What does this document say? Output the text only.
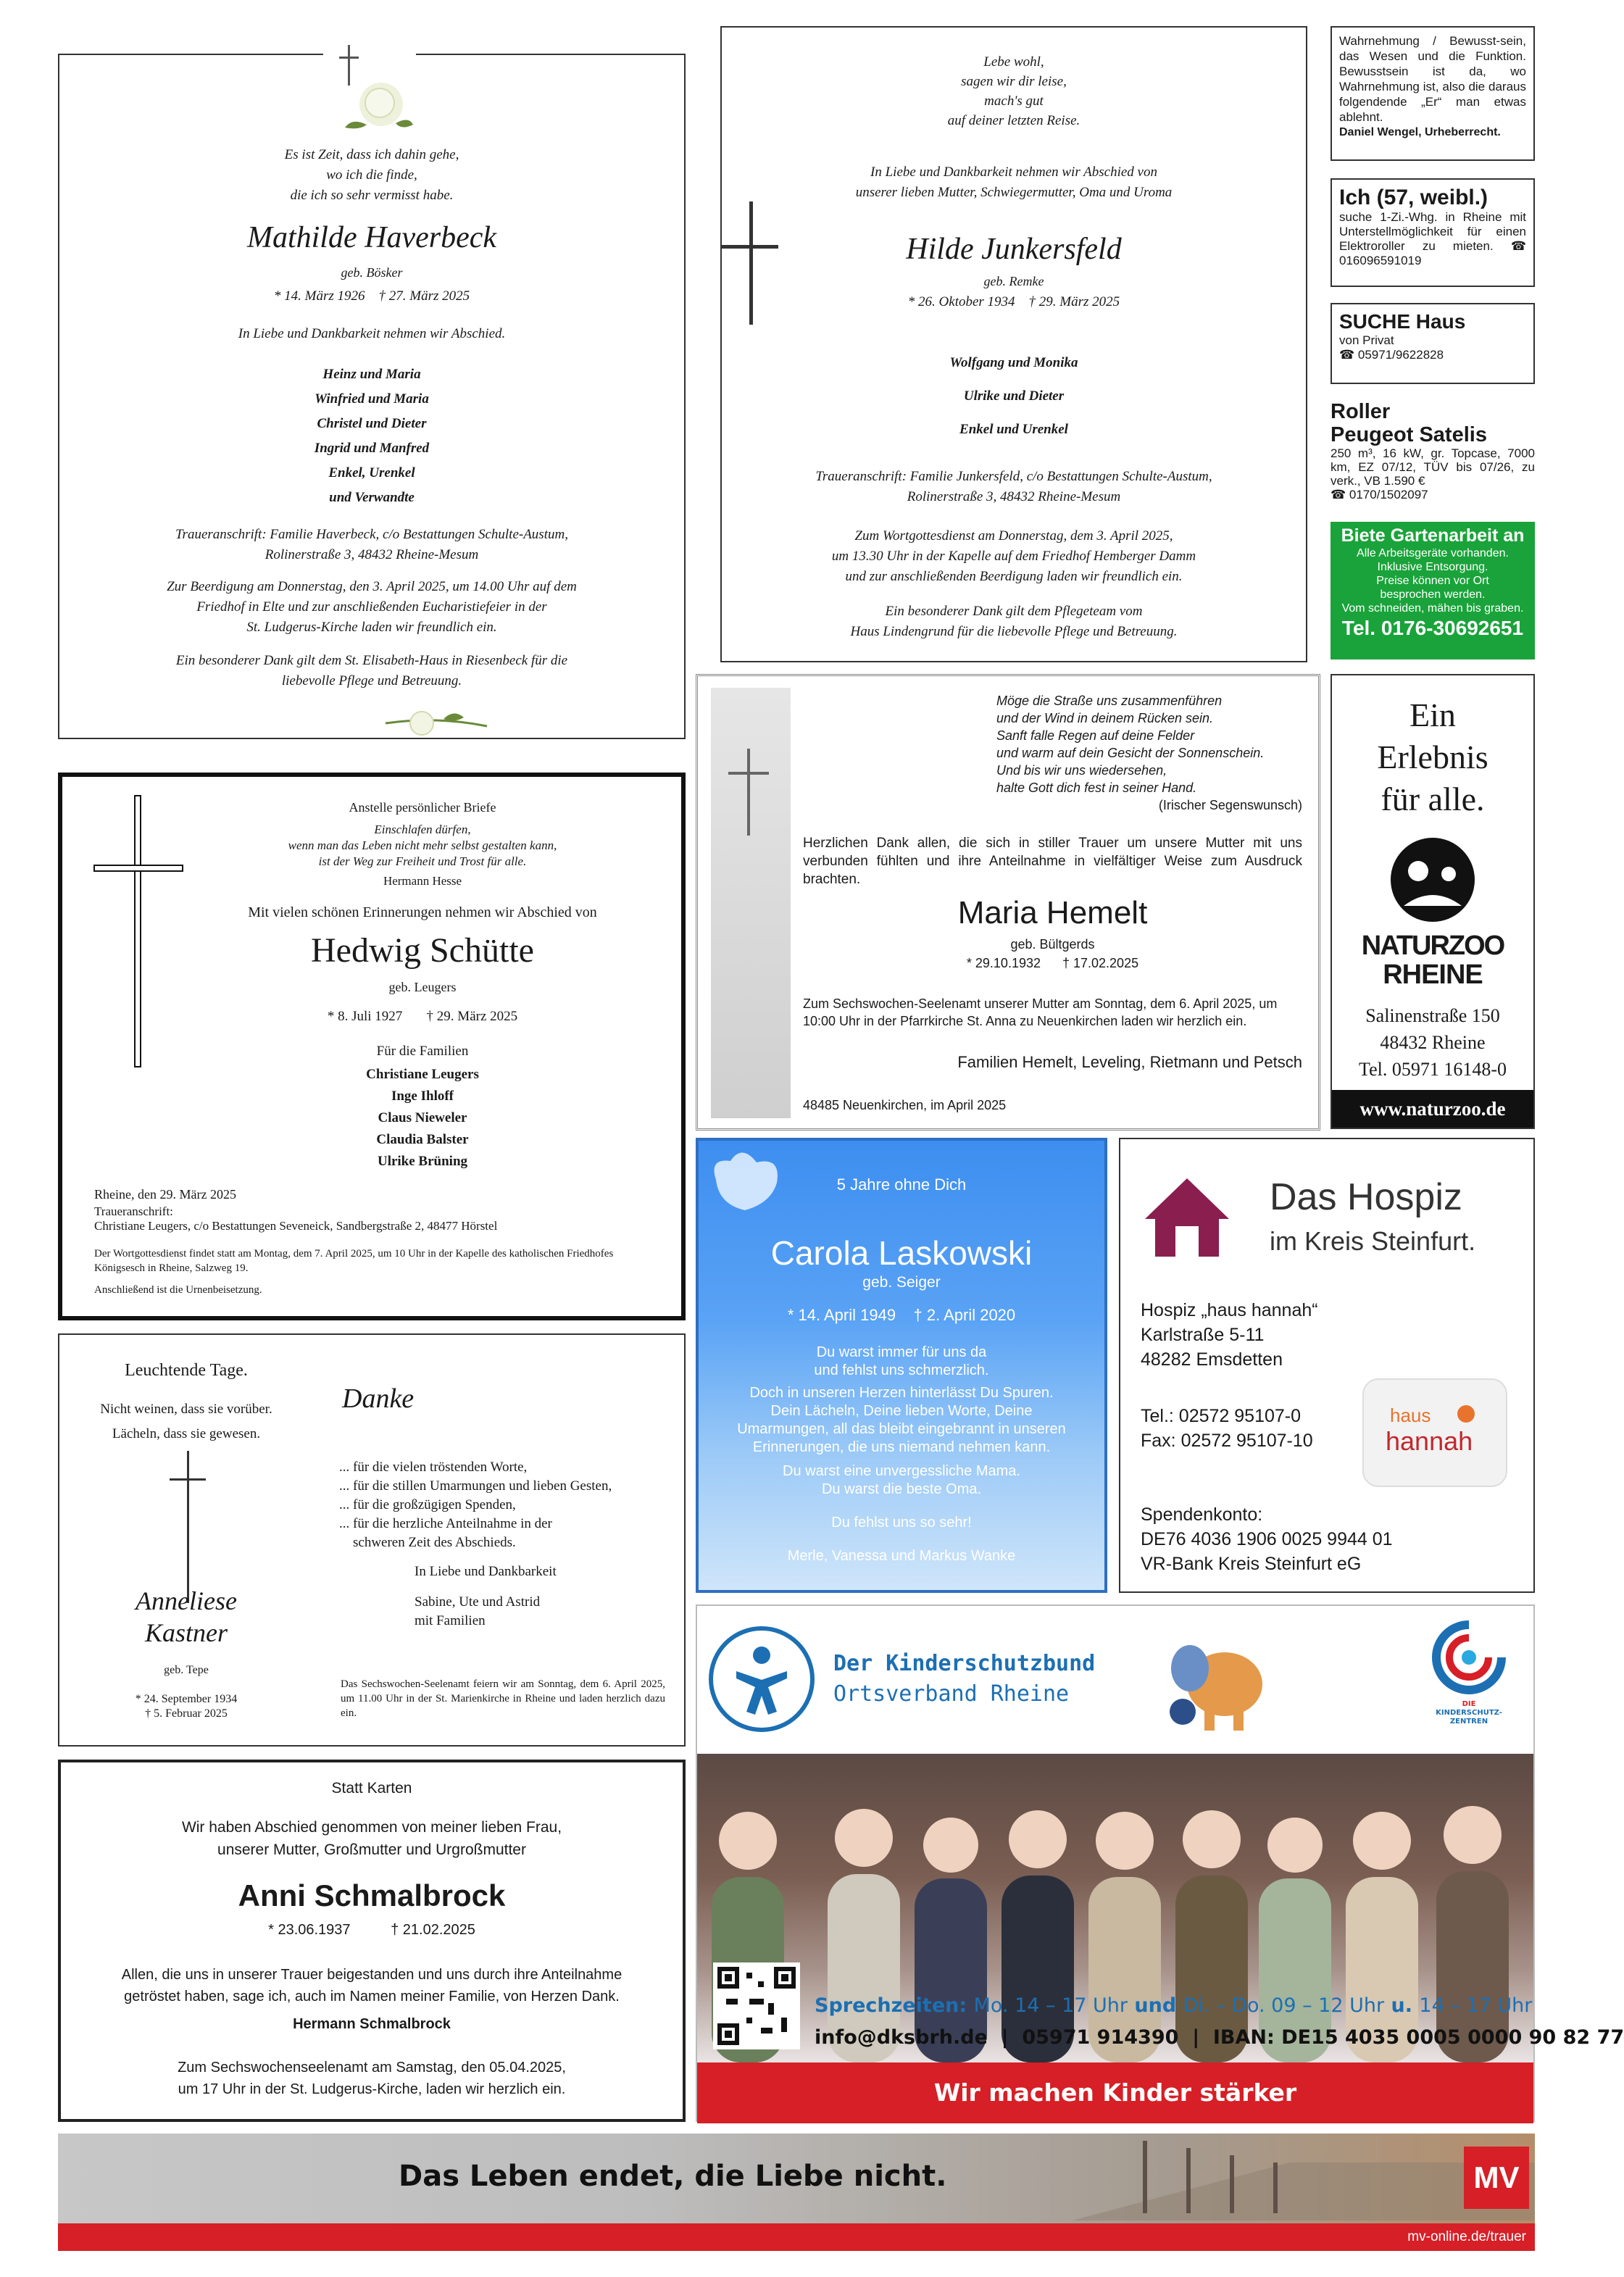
Es ist Zeit, dass ich dahin gehe,
wo ich die finde,
die ich so sehr vermisst habe.
Mathilde Haverbeck
geb. Bösker
* 14. März 1926    † 27. März 2025
In Liebe und Dankbarkeit nehmen wir Abschied.
Heinz und Maria
Winfried und Maria
Christel und Dieter
Ingrid und Manfred
Enkel, Urenkel
und Verwandte
Traueranschrift: Familie Haverbeck, c/o Bestattungen Schulte-Austum,
Rolinerstraße 3, 48432 Rheine-Mesum
Zur Beerdigung am Donnerstag, den 3. April 2025, um 14.00 Uhr auf dem
Friedhof in Elte und zur anschließenden Eucharistiefeier in der
St. Ludgerus-Kirche laden wir freundlich ein.
Ein besonderer Dank gilt dem St. Elisabeth-Haus in Riesenbeck für die
liebevolle Pflege und Betreuung.
Lebe wohl,
sagen wir dir leise,
mach's gut
auf deiner letzten Reise.
In Liebe und Dankbarkeit nehmen wir Abschied von
unserer lieben Mutter, Schwiegermutter, Oma und Uroma
Hilde Junkersfeld
geb. Remke
* 26. Oktober 1934    † 29. März 2025
Wolfgang und Monika
Ulrike und Dieter
Enkel und Urenkel
Traueranschrift: Familie Junkersfeld, c/o Bestattungen Schulte-Austum,
Rolinerstraße 3, 48432 Rheine-Mesum
Zum Wortgottesdienst am Donnerstag, dem 3. April 2025,
um 13.30 Uhr in der Kapelle auf dem Friedhof Hemberger Damm
und zur anschließenden Beerdigung laden wir freundlich ein.
Ein besonderer Dank gilt dem Pflegeteam vom
Haus Lindengrund für die liebevolle Pflege und Betreuung.
Wahrnehmung / Bewusst-sein, das Wesen und die Funktion. Bewusstsein ist da, wo Wahrnehmung ist, also die daraus folgendende „Er“ man etwas ablehnt.
Daniel Wengel, Urheberrecht.
Ich (57, weibl.)
suche 1-Zi.-Whg. in Rheine mit Unterstellmöglichkeit für einen Elektroroller zu mieten. ☎ 016096591019
SUCHE Haus
von Privat
☎ 05971/9622828
Roller
Peugeot Satelis
250 m³, 16 kW, gr. Topcase, 7000 km, EZ 07/12, TÜV bis 07/26, zu verk., VB 1.590 €
☎ 0170/1502097
Biete Gartenarbeit an
Alle Arbeitsgeräte vorhanden.
Inklusive Entsorgung.
Preise können vor Ort
besprochen werden.
Vom schneiden, mähen bis graben.
Tel. 0176-30692651
Ein
Erlebnis
für alle.
NATURZOO
RHEINE
Salinenstraße 150
48432 Rheine
Tel. 05971 16148-0
www.naturzoo.de
Möge die Straße uns zusammenführen
und der Wind in deinem Rücken sein.
Sanft falle Regen auf deine Felder
und warm auf dein Gesicht der Sonnenschein.
Und bis wir uns wiedersehen,
halte Gott dich fest in seiner Hand.
(Irischer Segenswunsch)
Herzlichen Dank allen, die sich in stiller Trauer um unsere Mutter mit uns verbunden fühlten und ihre Anteilnahme in vielfältiger Weise zum Ausdruck brachten.
Maria Hemelt
geb. Bültgerds
* 29.10.1932      † 17.02.2025
Zum Sechswochen-Seelenamt unserer Mutter am Sonntag, dem 6. April 2025, um 10:00 Uhr in der Pfarrkirche St. Anna zu Neuenkirchen laden wir herzlich ein.
Familien Hemelt, Leveling, Rietmann und Petsch
48485 Neuenkirchen, im April 2025
Anstelle persönlicher Briefe
Einschlafen dürfen,
wenn man das Leben nicht mehr selbst gestalten kann,
ist der Weg zur Freiheit und Trost für alle.
Hermann Hesse
Mit vielen schönen Erinnerungen nehmen wir Abschied von
Hedwig Schütte
geb. Leugers
* 8. Juli 1927       † 29. März 2025
Für die Familien
Christiane Leugers
Inge Ihloff
Claus Nieweler
Claudia Balster
Ulrike Brüning
Rheine, den 29. März 2025
Traueranschrift:
Christiane Leugers, c/o Bestattungen Seveneick, Sandbergstraße 2, 48477 Hörstel
Der Wortgottesdienst findet statt am Montag, dem 7. April 2025, um 10 Uhr in der Kapelle des katholischen Friedhofes Königsesch in Rheine, Salzweg 19.
Anschließend ist die Urnenbeisetzung.
5 Jahre ohne Dich
Carola Laskowski
geb. Seiger
* 14. April 1949    † 2. April 2020
Du warst immer für uns da
und fehlst uns schmerzlich.
Doch in unseren Herzen hinterlässt Du Spuren.
Dein Lächeln, Deine lieben Worte, Deine
Umarmungen, all das bleibt eingebrannt in unseren
Erinnerungen, die uns niemand nehmen kann.
Du warst eine unvergessliche Mama.
Du warst die beste Oma.
Du fehlst uns so sehr!
Merle, Vanessa und Markus Wanke
Das Hospiz
im Kreis Steinfurt.
Hospiz „haus hannah“
Karlstraße 5-11
48282 Emsdetten
Tel.: 02572 95107-0
Fax: 02572 95107-10
haus
hannah
Spendenkonto:
DE76 4036 1906 0025 9944 01
VR-Bank Kreis Steinfurt eG
Leuchtende Tage.
Nicht weinen, dass sie vorüber.
Lächeln, dass sie gewesen.
Anneliese
Kastner
geb. Tepe
* 24. September 1934
† 5. Februar 2025
Danke

... für die vielen tröstenden Worte,
... für die stillen Umarmungen und lieben Gesten,
... für die großzügigen Spenden,
... für die herzliche Anteilnahme in der
schweren Zeit des Abschieds.

In Liebe und Dankbarkeit
Sabine, Ute und Astrid
mit Familien
Das Sechswochen-Seelenamt feiern wir am Sonntag, dem 6. April 2025, um 11.00 Uhr in der St. Marienkirche in Rheine und laden herzlich dazu ein.
Statt Karten
Wir haben Abschied genommen von meiner lieben Frau,
unserer Mutter, Großmutter und Urgroßmutter
Anni Schmalbrock
* 23.06.1937          † 21.02.2025
Allen, die uns in unserer Trauer beigestanden und uns durch ihre Anteilnahme
getröstet haben, sage ich, auch im Namen meiner Familie, von Herzen Dank.
Hermann Schmalbrock
Zum Sechswochenseelenamt am Samstag, den 05.04.2025,
um 17 Uhr in der St. Ludgerus-Kirche, laden wir herzlich ein.
Der Kinderschutzbund
Ortsverband Rheine	DIE
KINDERSCHUTZ-
ZENTREN
Sprechzeiten: Mo. 14 – 17 Uhr und Di. – Do. 09 – 12 Uhr u. 14 – 17 Uhr
info@dksbrh.de  |  05971 914390  |  IBAN: DE15 4035 0005 0000 90 82 77
Wir machen Kinder stärker
Das Leben endet, die Liebe nicht.	MV
mv-online.de/trauer
